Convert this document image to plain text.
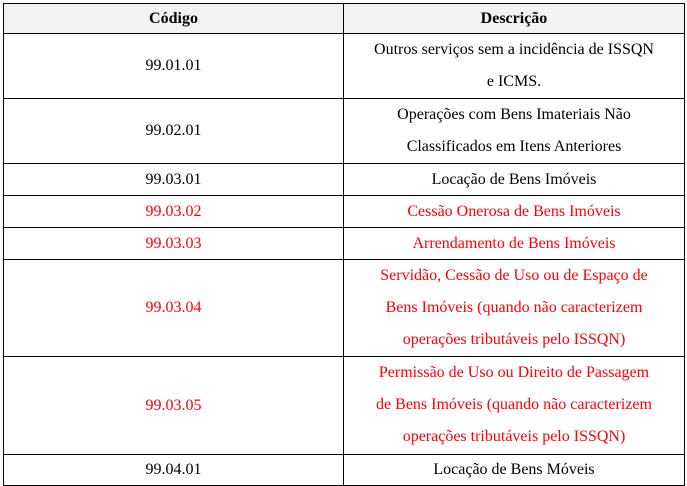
Código	Descrição
99.01.01	Outros serviços sem a incidência de ISSQN
e ICMS.

99.02.01	Operações com Bens Imateriais Não
Classificados em Itens Anteriores

99.03.01	Locação de Bens Imóveis

99.03.02	Cessão Onerosa de Bens Imóveis

99.03.03	Arrendamento de Bens Imóveis

99.03.04	Servidão, Cessão de Uso ou de Espaço de
Bens Imóveis (quando não caracterizem
operações tributáveis pelo ISSQN)

99.03.05	Permissão de Uso ou Direito de Passagem
de Bens Imóveis (quando não caracterizem
operações tributáveis pelo ISSQN)

99.04.01	Locação de Bens Móveis
